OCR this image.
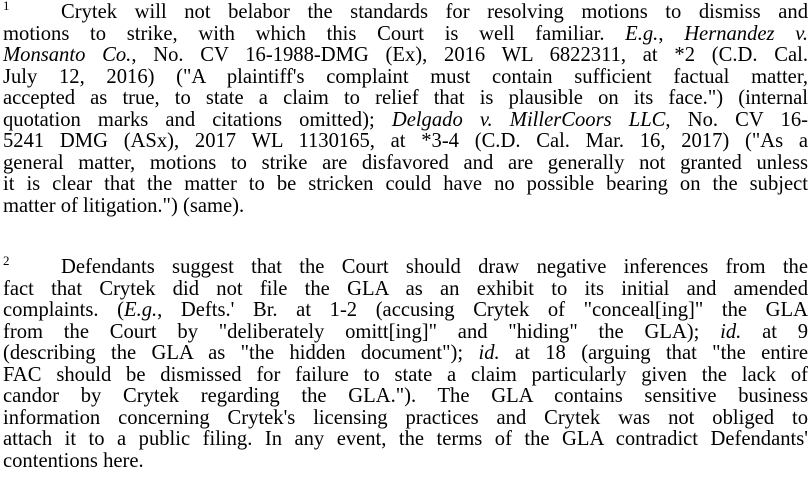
1	Crytek will not belabor the standards for resolving motions to dismiss and
motions to strike, with which this Court is well familiar. E.g., Hernandez v.
Monsanto Co., No. CV 16-1988-DMG (Ex), 2016 WL 6822311, at *2 (C.D. Cal.
July 12, 2016) ("A plaintiff's complaint must contain sufficient factual matter,
accepted as true, to state a claim to relief that is plausible on its face.") (internal
quotation marks and citations omitted); Delgado v. MillerCoors LLC, No. CV 16-
5241 DMG (ASx), 2017 WL 1130165, at *3-4 (C.D. Cal. Mar. 16, 2017) ("As a
general matter, motions to strike are disfavored and are generally not granted unless
it is clear that the matter to be stricken could have no possible bearing on the subject
matter of litigation.") (same).
2	Defendants suggest that the Court should draw negative inferences from the
fact that Crytek did not file the GLA as an exhibit to its initial and amended
complaints. (E.g., Defts.' Br. at 1-2 (accusing Crytek of "conceal[ing]" the GLA
from the Court by "deliberately omitt[ing]" and "hiding" the GLA); id. at 9
(describing the GLA as "the hidden document"); id. at 18 (arguing that "the entire
FAC should be dismissed for failure to state a claim particularly given the lack of
candor by Crytek regarding the GLA."). The GLA contains sensitive business
information concerning Crytek's licensing practices and Crytek was not obliged to
attach it to a public filing. In any event, the terms of the GLA contradict Defendants'
contentions here.
